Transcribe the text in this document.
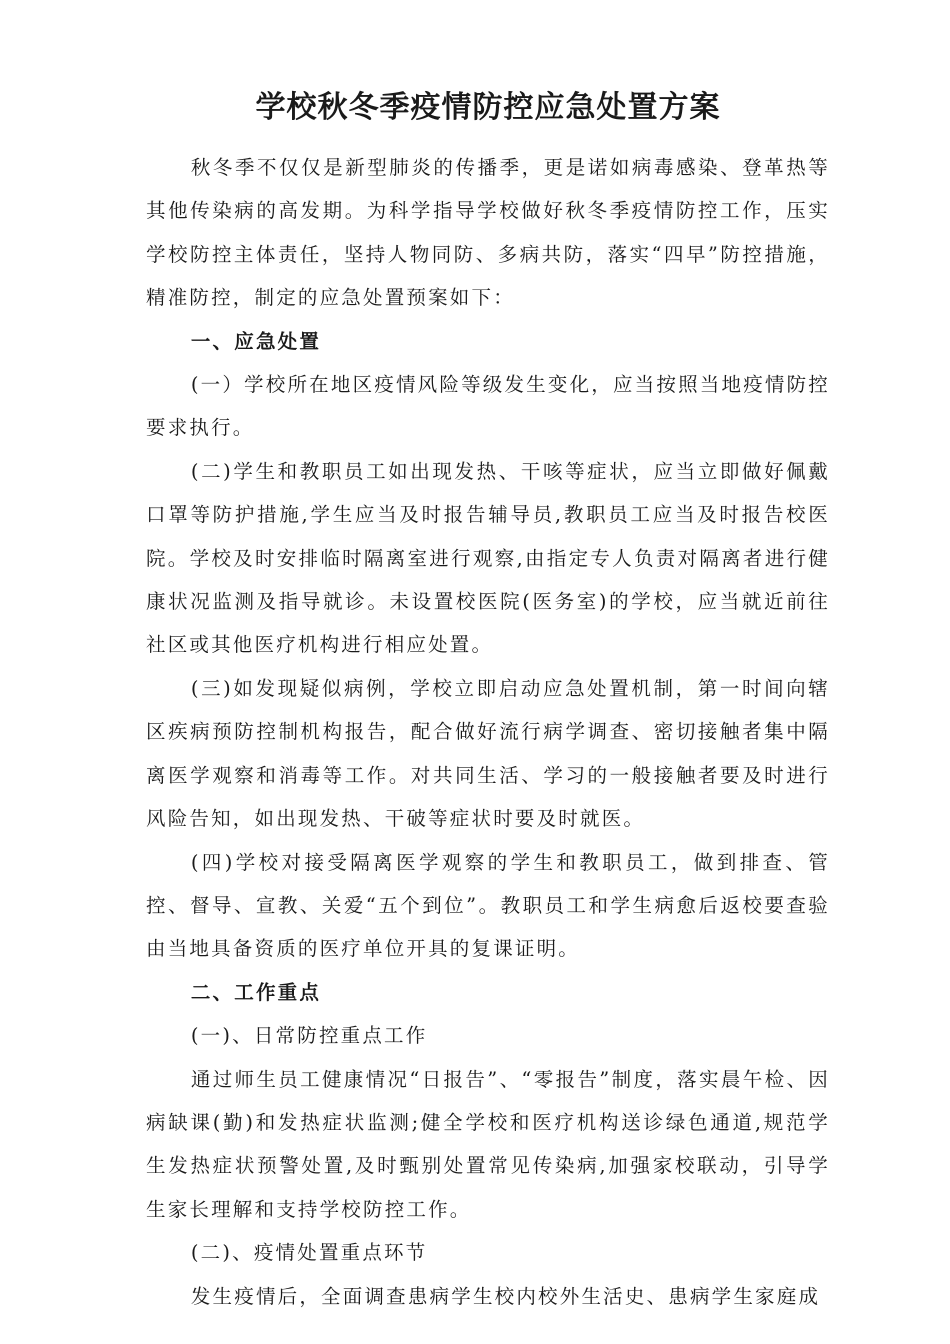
学校秋冬季疫情防控应急处置方案

秋冬季不仅仅是新型肺炎的传播季，更是诺如病毒感染、登革热等其他传染病的高发期。为科学指导学校做好秋冬季疫情防控工作，压实学校防控主体责任，坚持人物同防、多病共防，落实“四早”防控措施，精准防控，制定的应急处置预案如下：

一、应急处置

(一）学校所在地区疫情风险等级发生变化，应当按照当地疫情防控要求执行。

(二)学生和教职员工如出现发热、干咳等症状，应当立即做好佩戴口罩等防护措施,学生应当及时报告辅导员,教职员工应当及时报告校医院。学校及时安排临时隔离室进行观察,由指定专人负责对隔离者进行健康状况监测及指导就诊。未设置校医院(医务室)的学校，应当就近前往社区或其他医疗机构进行相应处置。

(三)如发现疑似病例，学校立即启动应急处置机制，第一时间向辖区疾病预防控制机构报告，配合做好流行病学调查、密切接触者集中隔离医学观察和消毒等工作。对共同生活、学习的一般接触者要及时进行风险告知，如出现发热、干破等症状时要及时就医。

(四)学校对接受隔离医学观察的学生和教职员工，做到排查、管控、督导、宣教、关爱“五个到位”。教职员工和学生病愈后返校要查验由当地具备资质的医疗单位开具的复课证明。

二、工作重点

(一)、日常防控重点工作

通过师生员工健康情况“日报告”、“零报告”制度，落实晨午检、因病缺课(勤)和发热症状监测;健全学校和医疗机构送诊绿色通道,规范学生发热症状预警处置,及时甄别处置常见传染病,加强家校联动，引导学生家长理解和支持学校防控工作。

(二)、疫情处置重点环节

发生疫情后，全面调查患病学生校内校外生活史、患病学生家庭成
